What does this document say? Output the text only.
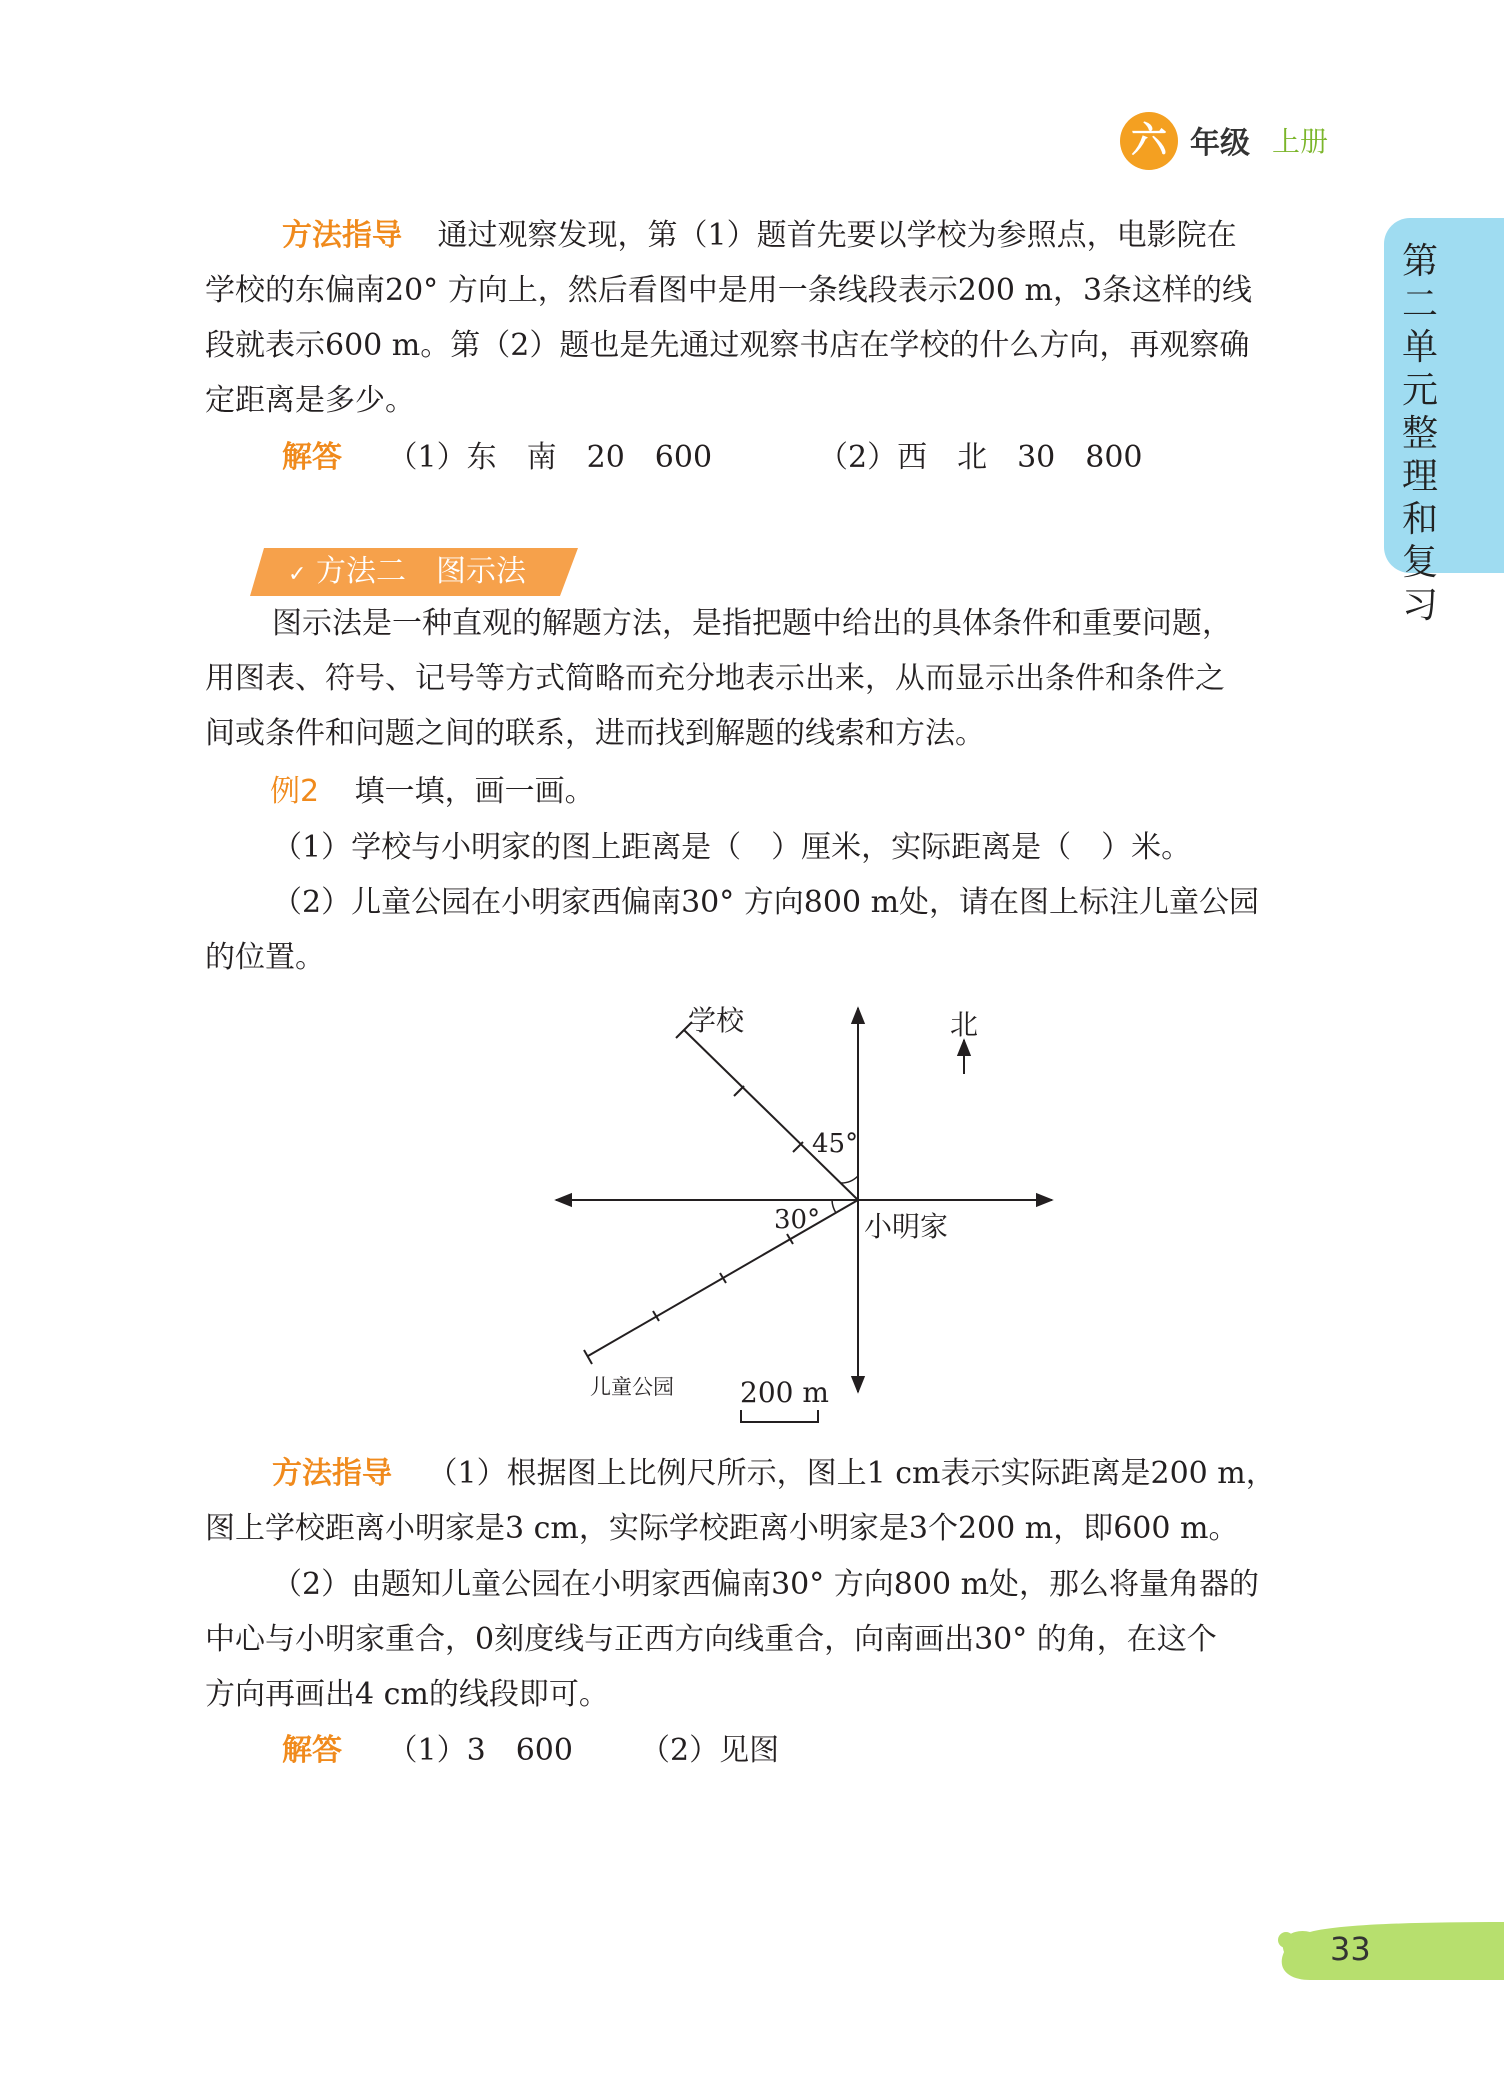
六 年级 上册
第二单元整理和复习
方法指导 通过观察发现，第（1）题首先要以学校为参照点，电影院在
学校的东偏南20° 方向上，然后看图中是用一条线段表示200 m，3条这样的线
段就表示600 m。第（2）题也是先通过观察书店在学校的什么方向，再观察确
定距离是多少。
解答 （1）东　南　20　600	（2）西　北　30　800
✓ 方法二　图示法
图示法是一种直观的解题方法，是指把题中给出的具体条件和重要问题，
用图表、符号、记号等方式简略而充分地表示出来，从而显示出条件和条件之
间或条件和问题之间的联系，进而找到解题的线索和方法。
例2 填一填，画一画。
（1）学校与小明家的图上距离是（　）厘米，实际距离是（　）米。
（2）儿童公园在小明家西偏南30° 方向800 m处，请在图上标注儿童公园
的位置。
学校	北
45°
30° 小明家
儿童公园 200 m
方法指导 （1）根据图上比例尺所示，图上1 cm表示实际距离是200 m，
图上学校距离小明家是3 cm，实际学校距离小明家是3个200 m，即600 m。
（2）由题知儿童公园在小明家西偏南30° 方向800 m处，那么将量角器的
中心与小明家重合，0刻度线与正西方向线重合，向南画出30° 的角，在这个
方向再画出4 cm的线段即可。
解答 （1）3　600 （2）见图
33
